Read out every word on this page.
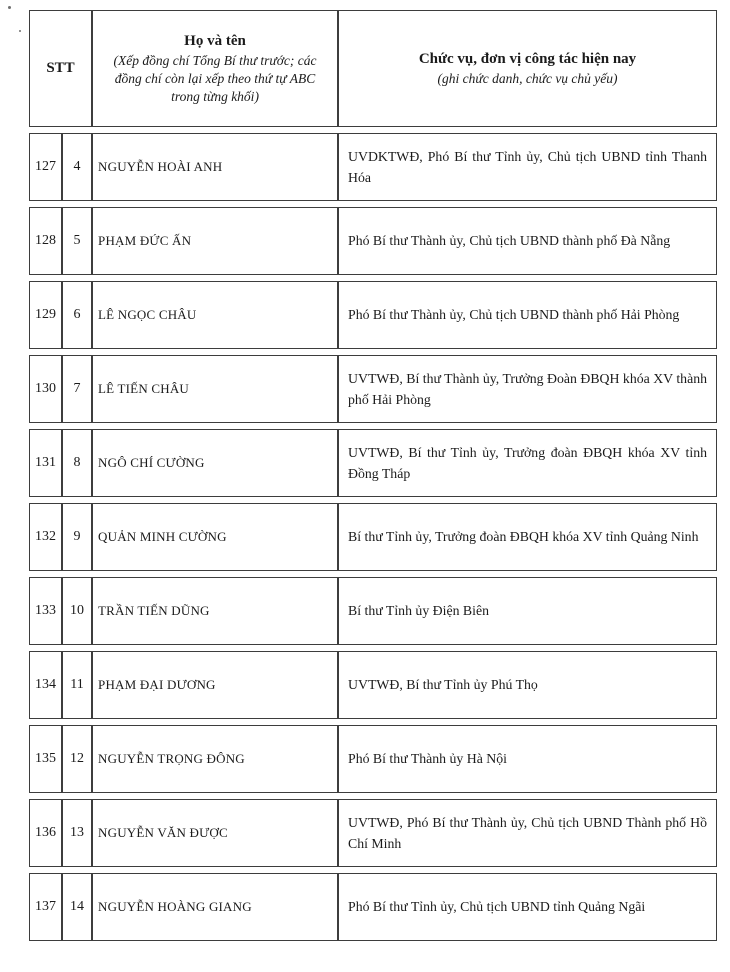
STT

Họ và tên
(Xếp đồng chí Tổng Bí thư trước; các đồng chí còn lại xếp theo thứ tự ABC trong từng khối)

Chức vụ, đơn vị công tác hiện nay
(ghi chức danh, chức vụ chủ yếu)

127	4	NGUYỄN HOÀI ANH	UVDKTWĐ, Phó Bí thư Tỉnh ủy, Chủ tịch UBND tỉnh Thanh Hóa
128	5	PHẠM ĐỨC ẤN	Phó Bí thư Thành ủy, Chủ tịch UBND thành phố Đà Nẵng
129	6	LÊ NGỌC CHÂU	Phó Bí thư Thành ủy, Chủ tịch UBND thành phố Hải Phòng
130	7	LÊ TIẾN CHÂU	UVTWĐ, Bí thư Thành ủy, Trưởng Đoàn ĐBQH khóa XV thành phố Hải Phòng
131	8	NGÔ CHÍ CƯỜNG	UVTWĐ, Bí thư Tỉnh ủy, Trưởng đoàn ĐBQH khóa XV tỉnh Đồng Tháp
132	9	QUẢN MINH CƯỜNG	Bí thư Tỉnh ủy, Trưởng đoàn ĐBQH khóa XV tỉnh Quảng Ninh
133	10	TRẦN TIẾN DŨNG	Bí thư Tỉnh ủy Điện Biên
134	11	PHẠM ĐẠI DƯƠNG	UVTWĐ, Bí thư Tỉnh ủy Phú Thọ
135	12	NGUYỄN TRỌNG ĐÔNG	Phó Bí thư Thành ủy Hà Nội
136	13	NGUYỄN VĂN ĐƯỢC	UVTWĐ, Phó Bí thư Thành ủy, Chủ tịch UBND Thành phố Hồ Chí Minh
137	14	NGUYỄN HOÀNG GIANG	Phó Bí thư Tỉnh ủy, Chủ tịch UBND tỉnh Quảng Ngãi
